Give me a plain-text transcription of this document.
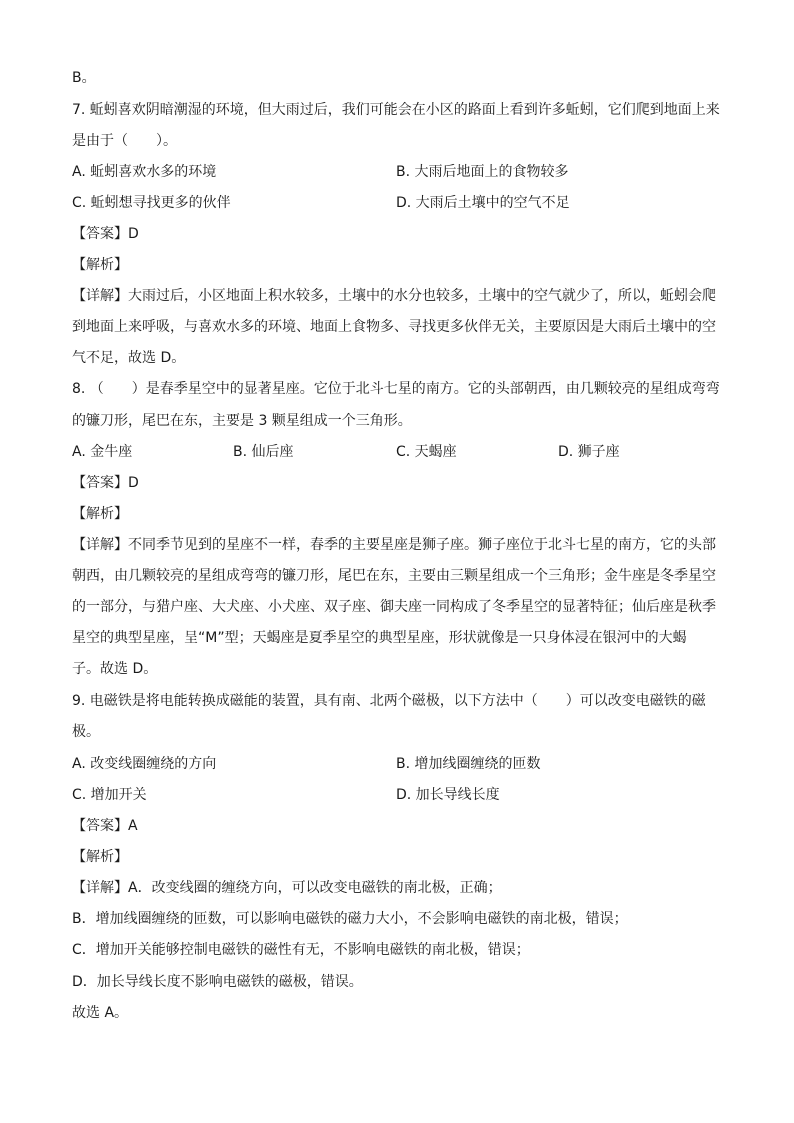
B。
7. 蚯蚓喜欢阴暗潮湿的环境，但大雨过后，我们可能会在小区的路面上看到许多蚯蚓，它们爬到地面上来
是由于（　　）。
A. 蚯蚓喜欢水多的环境	B. 大雨后地面上的食物较多
C. 蚯蚓想寻找更多的伙伴	D. 大雨后土壤中的空气不足
【答案】D
【解析】
【详解】大雨过后，小区地面上积水较多，土壤中的水分也较多，土壤中的空气就少了，所以，蚯蚓会爬
到地面上来呼吸，与喜欢水多的环境、地面上食物多、寻找更多伙伴无关，主要原因是大雨后土壤中的空
气不足，故选 D。
8. （　　）是春季星空中的显著星座。它位于北斗七星的南方。它的头部朝西，由几颗较亮的星组成弯弯
的镰刀形，尾巴在东，主要是 3 颗星组成一个三角形。
A. 金牛座	B. 仙后座	C. 天蝎座	D. 狮子座
【答案】D
【解析】
【详解】不同季节见到的星座不一样，春季的主要星座是狮子座。狮子座位于北斗七星的南方，它的头部
朝西，由几颗较亮的星组成弯弯的镰刀形，尾巴在东，主要由三颗星组成一个三角形；金牛座是冬季星空
的一部分，与猎户座、大犬座、小犬座、双子座、御夫座一同构成了冬季星空的显著特征；仙后座是秋季
星空的典型星座，呈“M”型；天蝎座是夏季星空的典型星座，形状就像是一只身体浸在银河中的大蝎
子。故选 D。
9. 电磁铁是将电能转换成磁能的装置，具有南、北两个磁极，以下方法中（　　）可以改变电磁铁的磁
极。
A. 改变线圈缠绕的方向	B. 增加线圈缠绕的匝数
C. 增加开关	D. 加长导线长度
【答案】A
【解析】
【详解】A．改变线圈的缠绕方向，可以改变电磁铁的南北极，正确；
B．增加线圈缠绕的匝数，可以影响电磁铁的磁力大小，不会影响电磁铁的南北极，错误；
C．增加开关能够控制电磁铁的磁性有无，不影响电磁铁的南北极，错误；
D．加长导线长度不影响电磁铁的磁极，错误。
故选 A。
